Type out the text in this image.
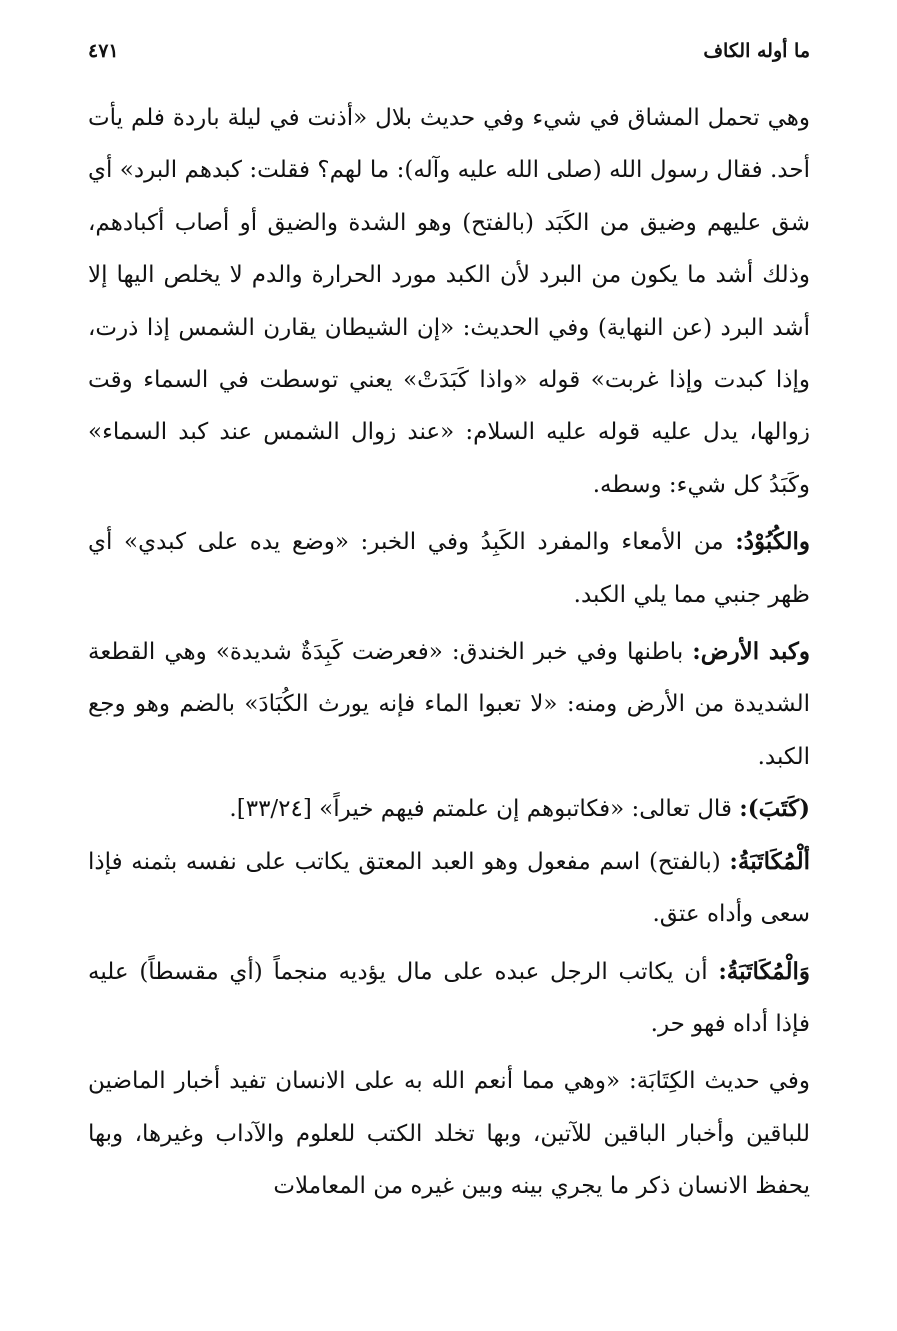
ما أوله الكاف
٤٧١

وهي تحمل المشاق في شيء وفي حديث بلال «أذنت في ليلة باردة فلم يأت أحد. فقال رسول الله (صلى الله عليه وآله): ما لهم؟ فقلت: كبدهم البرد» أي شق عليهم وضيق من الكَبَد (بالفتح) وهو الشدة والضيق أو أصاب أكبادهم، وذلك أشد ما يكون من البرد لأن الكبد مورد الحرارة والدم لا يخلص اليها إلا أشد البرد (عن النهاية) وفي الحديث: «إن الشيطان يقارن الشمس إذا ذرت، وإذا كبدت وإذا غربت» قوله «واذا كَبَدَتْ» يعني توسطت في السماء وقت زوالها، يدل عليه قوله عليه السلام: «عند زوال الشمس عند كبد السماء» وكَبَدُ كل شيء: وسطه.

والكُبُوْدُ: من الأمعاء والمفرد الكَبِدُ وفي الخبر: «وضع يده على كبدي» أي ظهر جنبي مما يلي الكبد.

وكبد الأرض: باطنها وفي خبر الخندق: «فعرضت كَبِدَةٌ شديدة» وهي القطعة الشديدة من الأرض ومنه: «لا تعبوا الماء فإنه يورث الكُبَادَ» بالضم وهو وجع الكبد.

(كَتَبَ): قال تعالى: «فكاتبوهم إن علمتم فيهم خيراً» [٣٣/٢٤].

ألْمُكَاتَبَةُ: (بالفتح) اسم مفعول وهو العبد المعتق يكاتب على نفسه بثمنه فإذا سعى وأداه عتق.

وَالْمُكَاتَبَةُ: أن يكاتب الرجل عبده على مال يؤديه منجماً (أي مقسطاً) عليه فإذا أداه فهو حر.

وفي حديث الكِتَابَة: «وهي مما أنعم الله به على الانسان تفيد أخبار الماضين للباقين وأخبار الباقين للآتين، وبها تخلد الكتب للعلوم والآداب وغيرها، وبها يحفظ الانسان ذكر ما يجري بينه وبين غيره من المعاملات
